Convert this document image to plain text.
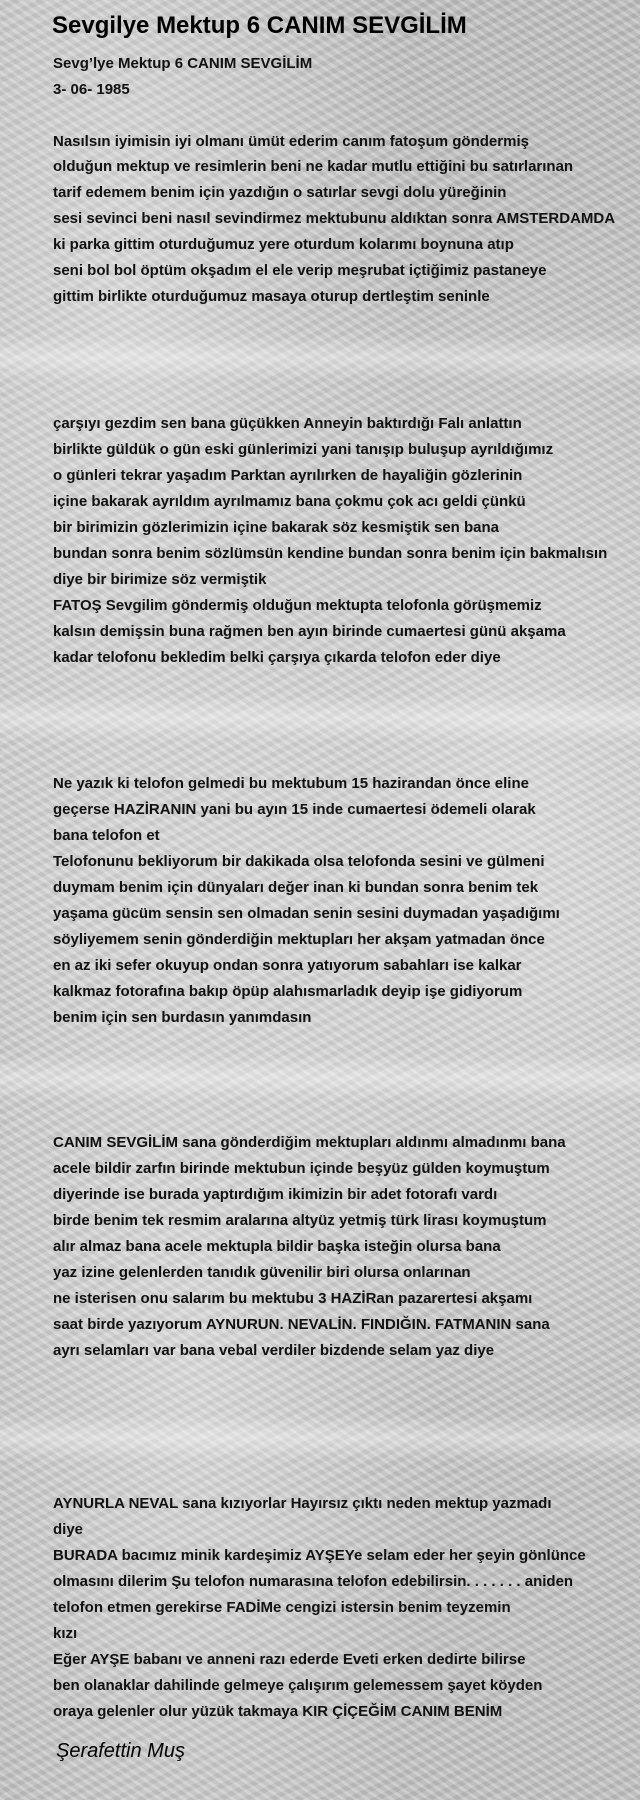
Sevgilye Mektup 6 CANIM SEVGİLİM
Sevg’lye Mektup 6 CANIM SEVGİLİM
3- 06- 1985
Nasılsın iyimisin iyi olmanı ümüt ederim canım fatoşum göndermiş
olduğun mektup ve resimlerin beni ne kadar mutlu ettiğini bu satırlarınan
tarif edemem benim için yazdığın o satırlar sevgi dolu yüreğinin
sesi sevinci beni nasıl sevindirmez mektubunu aldıktan sonra AMSTERDAMDA
ki parka gittim oturduğumuz yere oturdum kolarımı boynuna atıp
seni bol bol öptüm okşadım el ele verip meşrubat içtiğimiz pastaneye
gittim birlikte oturduğumuz masaya oturup dertleştim seninle
çarşıyı gezdim sen bana güçükken Anneyin baktırdığı Falı anlattın
birlikte güldük o gün eski günlerimizi yani tanışıp buluşup ayrıldığımız
o günleri tekrar yaşadım Parktan ayrılırken de hayaliğin gözlerinin
içine bakarak ayrıldım ayrılmamız bana çokmu çok acı geldi çünkü
bir birimizin gözlerimizin içine bakarak söz kesmiştik sen bana
bundan sonra benim sözlümsün kendine bundan sonra benim için bakmalısın
diye bir birimize söz vermiştik
FATOŞ Sevgilim göndermiş olduğun mektupta telofonla görüşmemiz
kalsın demişsin buna rağmen ben ayın birinde cumaertesi günü akşama
kadar telofonu bekledim belki çarşıya çıkarda telofon eder diye
Ne yazık ki telofon gelmedi bu mektubum 15 hazirandan önce eline
geçerse HAZİRANIN yani bu ayın 15 inde cumaertesi ödemeli olarak
bana telofon et
Telofonunu bekliyorum bir dakikada olsa telofonda sesini ve gülmeni
duymam benim için dünyaları değer inan ki bundan sonra benim tek
yaşama gücüm sensin sen olmadan senin sesini duymadan yaşadığımı
söyliyemem senin gönderdiğin mektupları her akşam yatmadan önce
en az iki sefer okuyup ondan sonra yatıyorum sabahları ise kalkar
kalkmaz fotorafına bakıp öpüp alahısmarladık deyip işe gidiyorum
benim için sen burdasın yanımdasın
CANIM SEVGİLİM sana gönderdiğim mektupları aldınmı almadınmı bana
acele bildir zarfın birinde mektubun içinde beşyüz gülden koymuştum
diyerinde ise burada yaptırdığım ikimizin bir adet fotorafı vardı
birde benim tek resmim aralarına altyüz yetmiş türk lirası koymuştum
alır almaz bana acele mektupla bildir başka isteğin olursa bana
yaz izine gelenlerden tanıdık güvenilir biri olursa onlarınan
ne isterisen onu salarım bu mektubu 3 HAZİRan pazarertesi akşamı
saat birde yazıyorum AYNURUN. NEVALİN. FINDIĞIN. FATMANIN sana
ayrı selamları var bana vebal verdiler bizdende selam yaz diye
AYNURLA NEVAL sana kızıyorlar Hayırsız çıktı neden mektup yazmadı
diye
BURADA bacımız minik kardeşimiz AYŞEYe selam eder her şeyin gönlünce
olmasını dilerim Şu telofon numarasına telofon edebilirsin. . . . . . . aniden
telofon etmen gerekirse FADİMe cengizi istersin benim teyzemin
kızı
Eğer AYŞE babanı ve anneni razı ederde Eveti erken dedirte bilirse
ben olanaklar dahilinde gelmeye çalışırım gelemessem şayet köyden
oraya gelenler olur yüzük takmaya KIR ÇİÇEĞİM CANIM BENİM
Şerafettin Muş
